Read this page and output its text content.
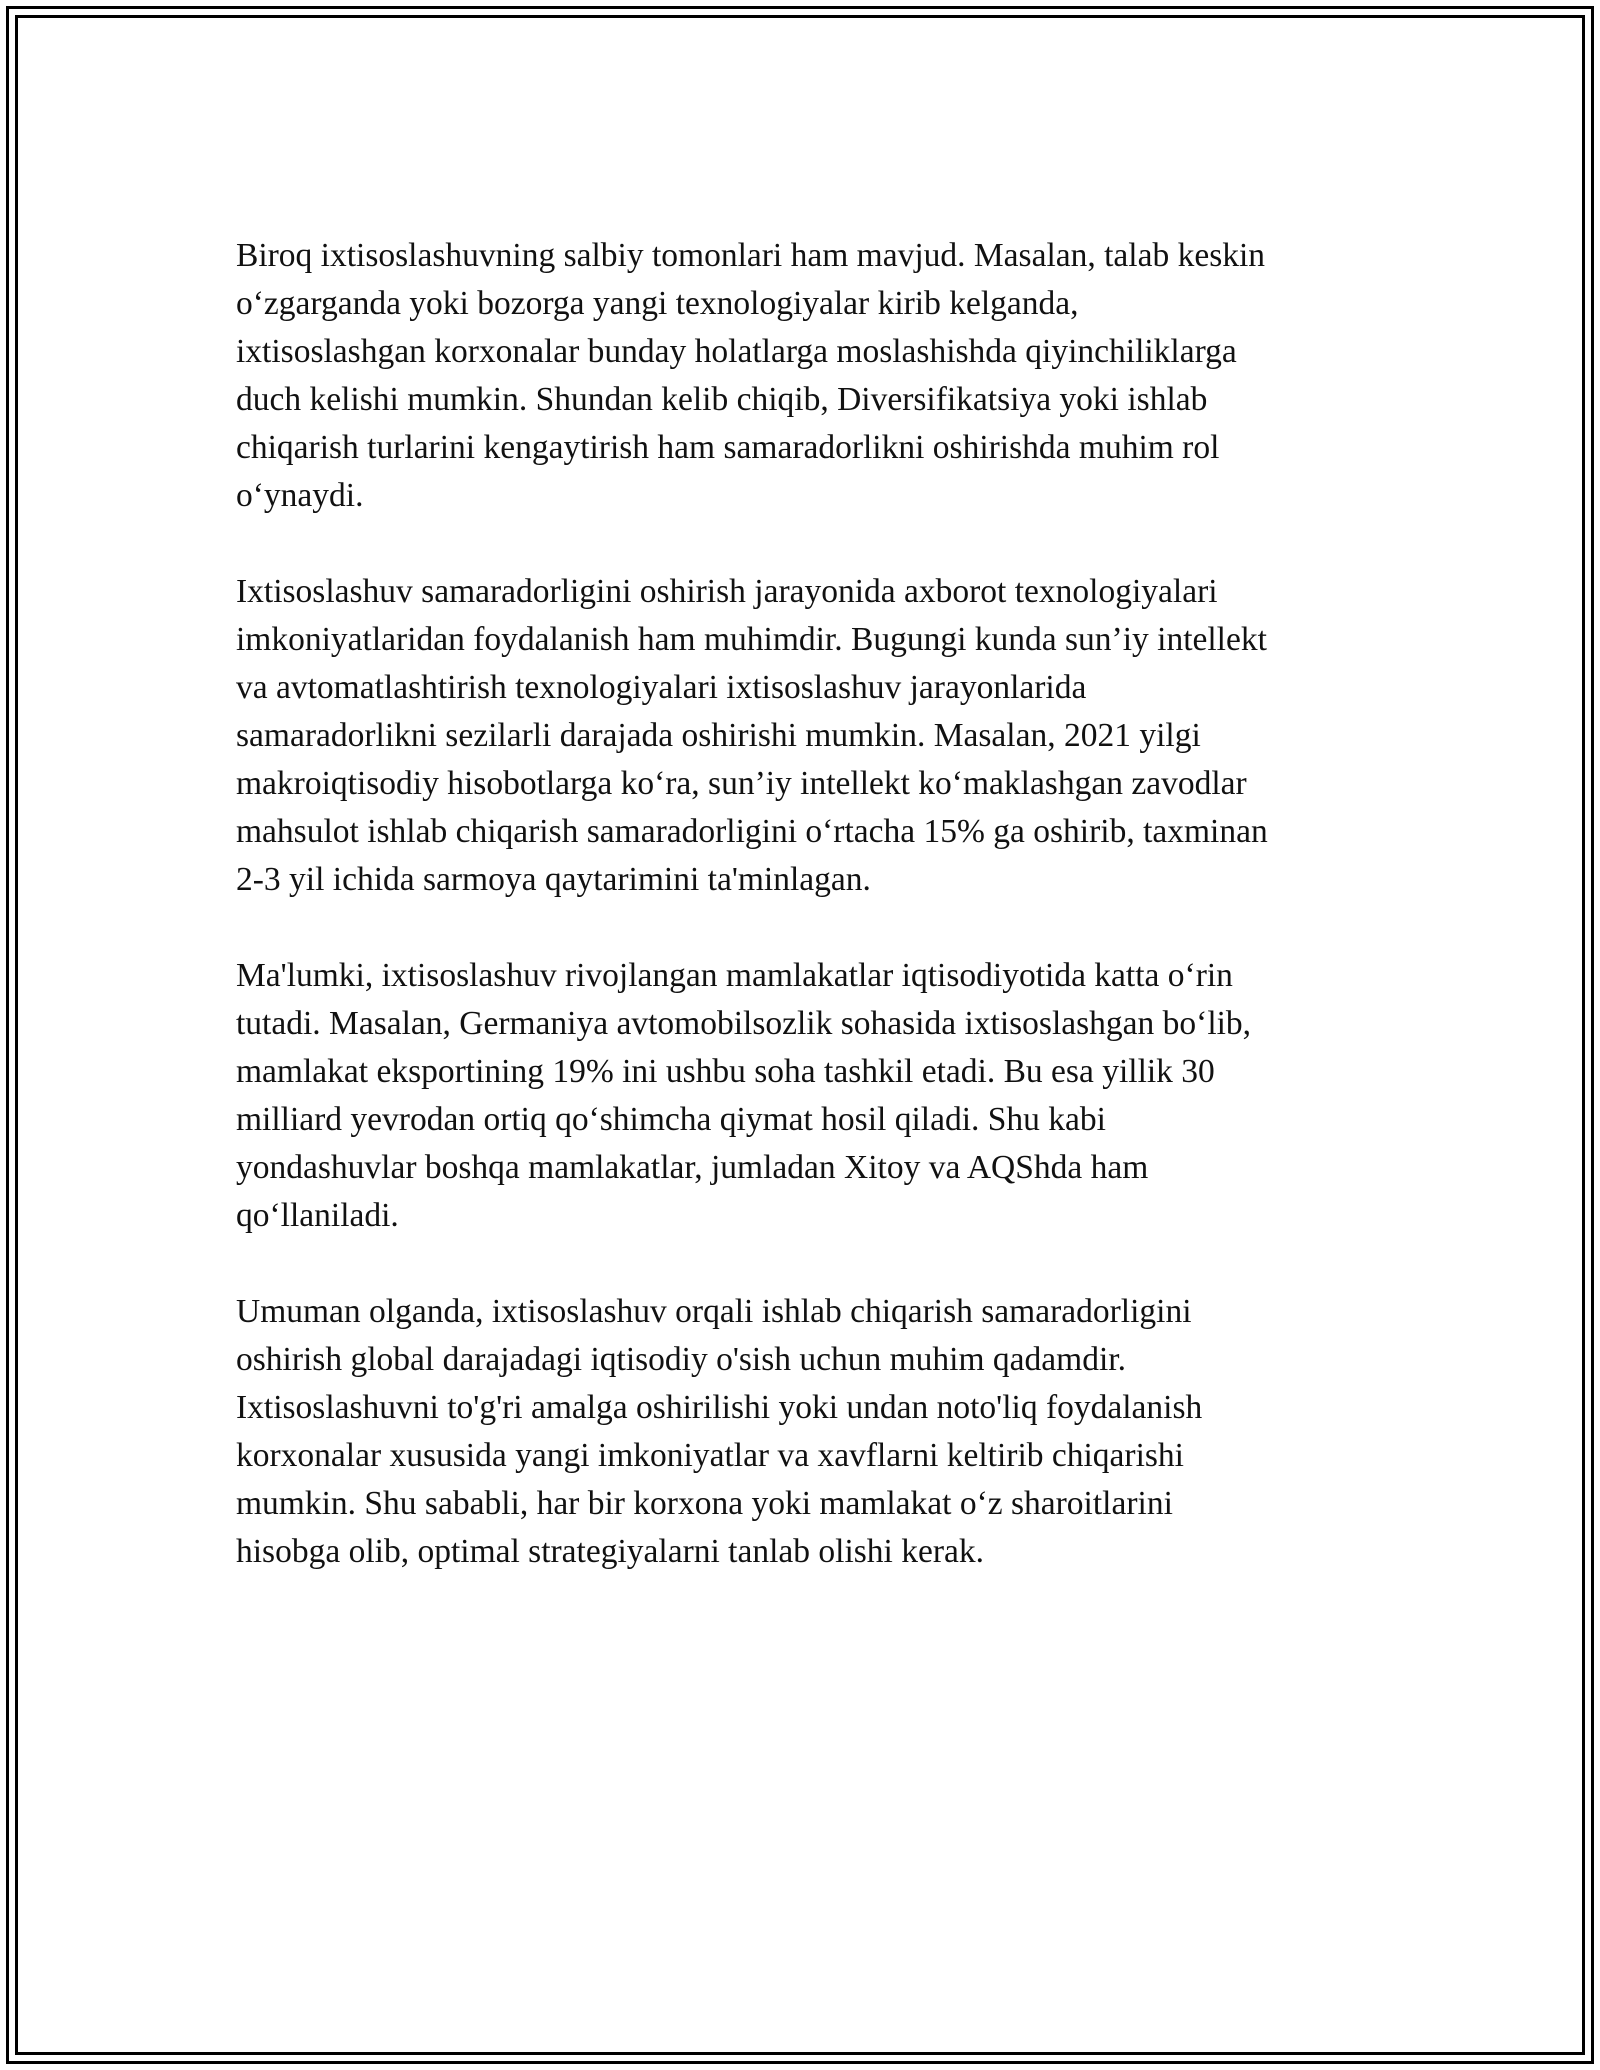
Biroq ixtisoslashuvning salbiy tomonlari ham mavjud. Masalan, talab keskin
o‘zgarganda yoki bozorga yangi texnologiyalar kirib kelganda,
ixtisoslashgan korxonalar bunday holatlarga moslashishda qiyinchiliklarga
duch kelishi mumkin. Shundan kelib chiqib, Diversifikatsiya yoki ishlab
chiqarish turlarini kengaytirish ham samaradorlikni oshirishda muhim rol
o‘ynaydi.

Ixtisoslashuv samaradorligini oshirish jarayonida axborot texnologiyalari
imkoniyatlaridan foydalanish ham muhimdir. Bugungi kunda sun’iy intellekt
va avtomatlashtirish texnologiyalari ixtisoslashuv jarayonlarida
samaradorlikni sezilarli darajada oshirishi mumkin. Masalan, 2021 yilgi
makroiqtisodiy hisobotlarga ko‘ra, sun’iy intellekt ko‘maklashgan zavodlar
mahsulot ishlab chiqarish samaradorligini o‘rtacha 15% ga oshirib, taxminan
2-3 yil ichida sarmoya qaytarimini ta'minlagan.

Ma'lumki, ixtisoslashuv rivojlangan mamlakatlar iqtisodiyotida katta o‘rin
tutadi. Masalan, Germaniya avtomobilsozlik sohasida ixtisoslashgan bo‘lib,
mamlakat eksportining 19% ini ushbu soha tashkil etadi. Bu esa yillik 30
milliard yevrodan ortiq qo‘shimcha qiymat hosil qiladi. Shu kabi
yondashuvlar boshqa mamlakatlar, jumladan Xitoy va AQShda ham
qo‘llaniladi.

Umuman olganda, ixtisoslashuv orqali ishlab chiqarish samaradorligini
oshirish global darajadagi iqtisodiy o'sish uchun muhim qadamdir.
Ixtisoslashuvni to'g'ri amalga oshirilishi yoki undan noto'liq foydalanish
korxonalar xususida yangi imkoniyatlar va xavflarni keltirib chiqarishi
mumkin. Shu sababli, har bir korxona yoki mamlakat o‘z sharoitlarini
hisobga olib, optimal strategiyalarni tanlab olishi kerak.
